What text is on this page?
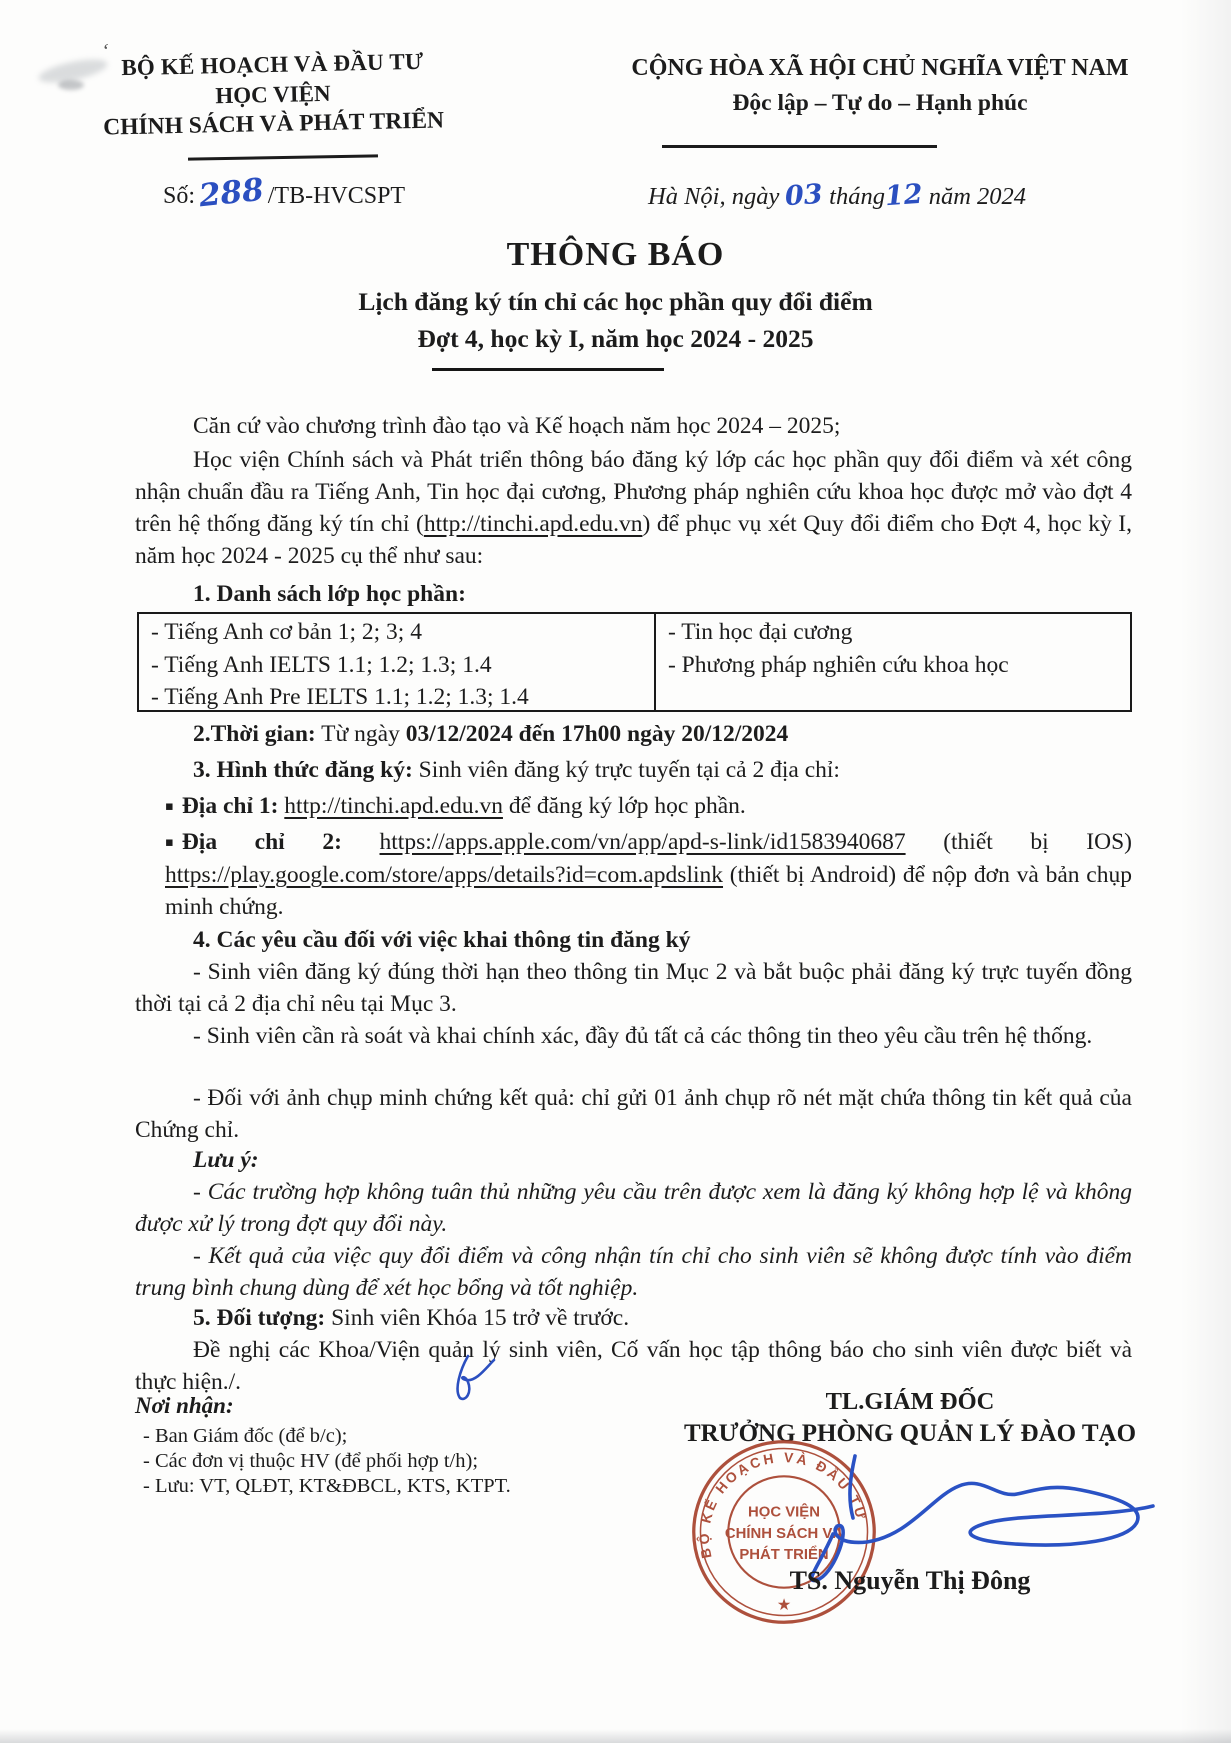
‘ BỘ KẾ HOẠCH VÀ ĐẦU TƯ
HỌC VIỆN
CHÍNH SÁCH VÀ PHÁT TRIỂN
Số:288/TB-HVCSPT
CỘNG HÒA XÃ HỘI CHỦ NGHĨA VIỆT NAM
Độc lập – Tự do – Hạnh phúc
Hà Nội, ngày 03 tháng12 năm 2024
THÔNG BÁO
Lịch đăng ký tín chỉ các học phần quy đổi điểm
Đợt 4, học kỳ I, năm học 2024 - 2025
Căn cứ vào chương trình đào tạo và Kế hoạch năm học 2024 – 2025;
Học viện Chính sách và Phát triển thông báo đăng ký lớp các học phần quy đổi điểm và xét công nhận chuẩn đầu ra Tiếng Anh, Tin học đại cương, Phương pháp nghiên cứu khoa học được mở vào đợt 4 trên hệ thống đăng ký tín chỉ (http://tinchi.apd.edu.vn) để phục vụ xét Quy đổi điểm cho Đợt 4, học kỳ I, năm học 2024 - 2025 cụ thể như sau:
1. Danh sách lớp học phần:
- Tiếng Anh cơ bản 1; 2; 3; 4
- Tiếng Anh IELTS 1.1; 1.2; 1.3; 1.4
- Tiếng Anh Pre IELTS 1.1; 1.2; 1.3; 1.4
- Tin học đại cương
- Phương pháp nghiên cứu khoa học
2.Thời gian: Từ ngày 03/12/2024 đến 17h00 ngày 20/12/2024
3. Hình thức đăng ký: Sinh viên đăng ký trực tuyến tại cả 2 địa chỉ:
▪ Địa chỉ 1: http://tinchi.apd.edu.vn để đăng ký lớp học phần.
▪ Địa chỉ 2: https://apps.apple.com/vn/app/apd-s-link/id1583940687 (thiết bị IOS) https://play.google.com/store/apps/details?id=com.apdslink (thiết bị Android) để nộp đơn và bản chụp minh chứng.
4. Các yêu cầu đối với việc khai thông tin đăng ký
- Sinh viên đăng ký đúng thời hạn theo thông tin Mục 2 và bắt buộc phải đăng ký trực tuyến đồng thời tại cả 2 địa chỉ nêu tại Mục 3.
- Sinh viên cần rà soát và khai chính xác, đầy đủ tất cả các thông tin theo yêu cầu trên hệ thống.
- Đối với ảnh chụp minh chứng kết quả: chỉ gửi 01 ảnh chụp rõ nét mặt chứa thông tin kết quả của Chứng chỉ.
Lưu ý:
- Các trường hợp không tuân thủ những yêu cầu trên được xem là đăng ký không hợp lệ và không được xử lý trong đợt quy đổi này.
- Kết quả của việc quy đổi điểm và công nhận tín chỉ cho sinh viên sẽ không được tính vào điểm trung bình chung dùng để xét học bổng và tốt nghiệp.
5. Đối tượng: Sinh viên Khóa 15 trở về trước.
Đề nghị các Khoa/Viện quản lý sinh viên, Cố vấn học tập thông báo cho sinh viên được biết và thực hiện./.
Nơi nhận:
- Ban Giám đốc (để b/c);
- Các đơn vị thuộc HV (để phối hợp t/h);
- Lưu: VT, QLĐT, KT&ĐBCL, KTS, KTPT.
TL.GIÁM ĐỐC
TRƯỞNG PHÒNG QUẢN LÝ ĐÀO TẠO
BỘ KẾ HOẠCH VÀ ĐẦU TƯ
HỌC VIỆN
CHÍNH SÁCH VÀ
PHÁT TRIỂN
★
TS. Nguyễn Thị Đông
